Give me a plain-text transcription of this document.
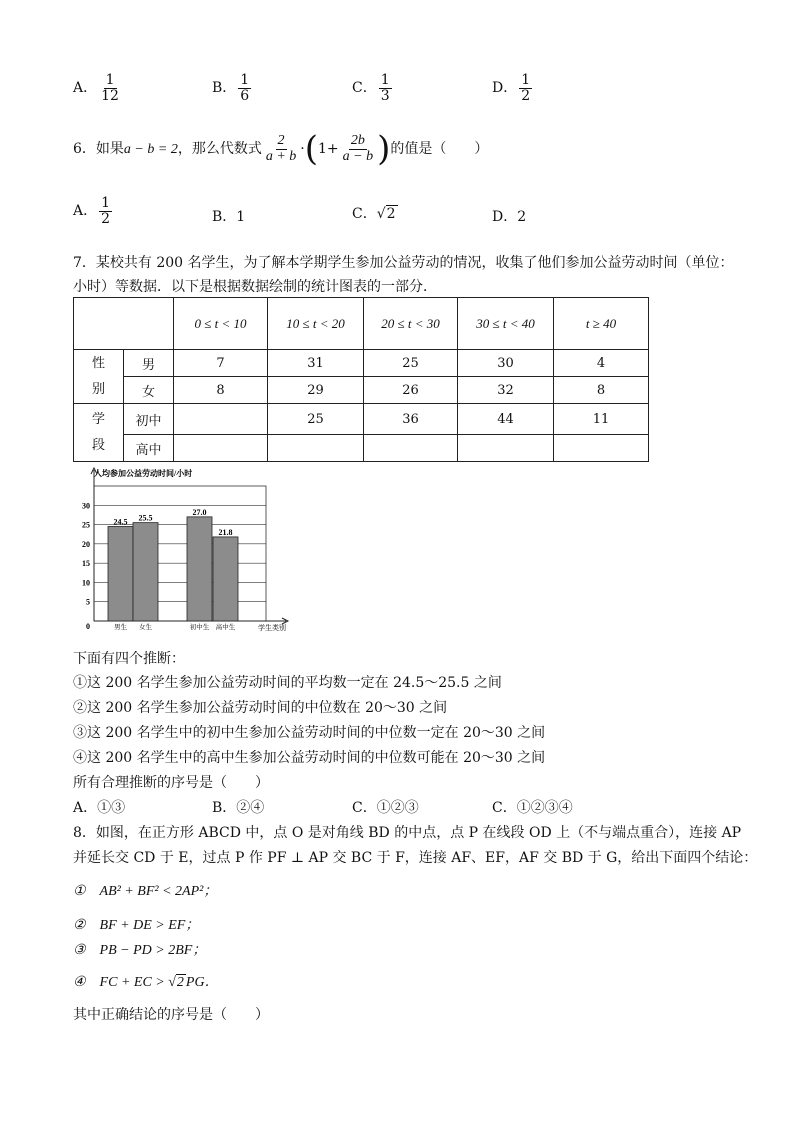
A． $\frac{1}{12}$	B． $\frac{1}{6}$	C． $\frac{1}{3}$	D． $\frac{1}{2}$
6．如果a − b = 2，那么代数式 $\frac{2}{a + b} \cdot(1+ \frac{2b}{a - b}$ )的值是（　　）
A． $\frac{1}{2}$	B．1	C．√2	D．2
7．某校共有 200 名学生，为了解本学期学生参加公益劳动的情况，收集了他们参加公益劳动时间（单位：
小时）等数据．以下是根据数据绘制的统计图表的一部分．
		0 ≤ t < 10	10 ≤ t < 20	20 ≤ t < 30	30 ≤ t < 40	t ≥ 40

性
别	男	7	31	25	30	4
	女	8	29	26	32	8

学
段	初中		25	36	44	11
	高中					
人均参加公益劳动时间/小时
0
5
10
15
20
25
30
24.5
男生
25.5
女生
27.0
初中生
21.8
高中生	学生类别
下面有四个推断：
①这 200 名学生参加公益劳动时间的平均数一定在 24.5～25.5 之间
②这 200 名学生参加公益劳动时间的中位数在 20～30 之间
③这 200 名学生中的初中生参加公益劳动时间的中位数一定在 20～30 之间
④这 200 名学生中的高中生参加公益劳动时间的中位数可能在 20～30 之间
所有合理推断的序号是（　　）
A．①③	B．②④	C．①②③	C．①②③④
8．如图，在正方形 ABCD 中，点 O 是对角线 BD 的中点，点 P 在线段 OD 上（不与端点重合），连接 AP
并延长交 CD 于 E，过点 P 作 PF ⊥ AP 交 BC 于 F，连接 AF、EF，AF 交 BD 于 G，给出下面四个结论：
①　AB² + BF² < 2AP²；
②　BF + DE > EF；
③　PB − PD > 2BF；
④　FC + EC > √2 PG．
其中正确结论的序号是（　　）
